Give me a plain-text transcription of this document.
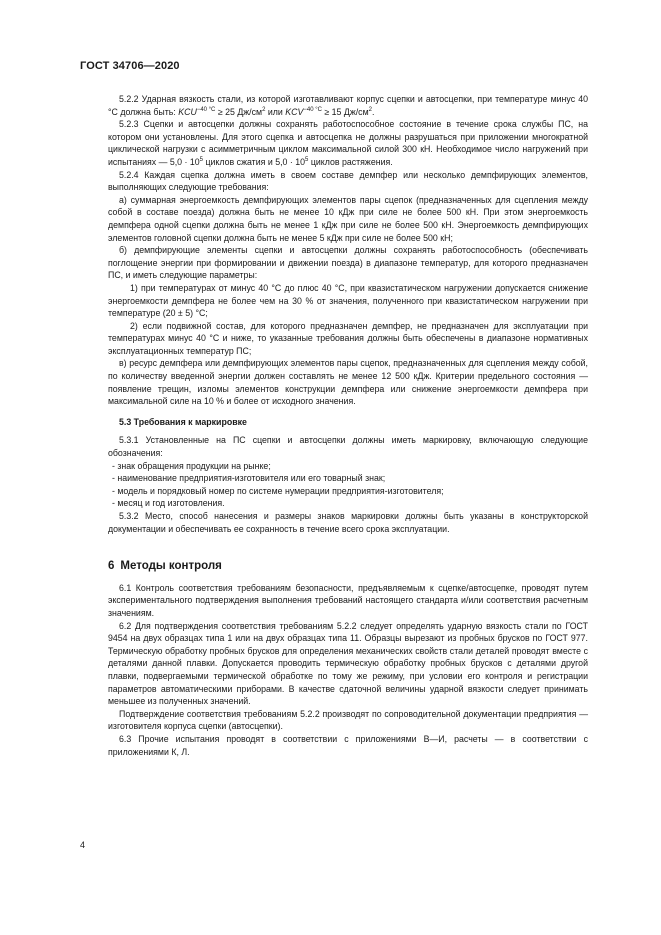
ГОСТ 34706—2020

5.2.2 Ударная вязкость стали, из которой изготавливают корпус сцепки и автосцепки, при температуре минус 40 °С должна быть: $KCU^{-40 ^\circ С} \ge 25$ $Дж/см^2$ или $KCV^{-40 ^\circ С} \ge 15$ $Дж/см^2$.

5.2.3 Сцепки и автосцепки должны сохранять работоспособное состояние в течение срока службы ПС, на котором они установлены. Для этого сцепка и автосцепка не должны разрушаться при приложении многократной циклической нагрузки с асимметричным циклом максимальной силой 300 кН. Необходимое число нагружений при испытаниях — $5,0 \cdot 10^5$ циклов сжатия и $5,0 \cdot 10^5$ циклов растяжения.

5.2.4 Каждая сцепка должна иметь в своем составе демпфер или несколько демпфирующих элементов, выполняющих следующие требования:

а) суммарная энергоемкость демпфирующих элементов пары сцепок (предназначенных для сцепления между собой в составе поезда) должна быть не менее 10 кДж при силе не более 500 кН. При этом энергоемкость демпфера одной сцепки должна быть не менее 1 кДж при силе не более 500 кН. Энергоемкость демпфирующих элементов головной сцепки должна быть не менее 5 кДж при силе не более 500 кН;

б) демпфирующие элементы сцепки и автосцепки должны сохранять работоспособность (обеспечивать поглощение энергии при формировании и движении поезда) в диапазоне температур, для которого предназначен ПС, и иметь следующие параметры:

1) при температурах от минус 40 °С до плюс 40 °С, при квазистатическом нагружении допускается снижение энергоемкости демпфера не более чем на 30 % от значения, полученного при квазистатическом нагружении при температуре (20 ± 5) °С;

2) если подвижной состав, для которого предназначен демпфер, не предназначен для эксплуатации при температурах минус 40 °С и ниже, то указанные требования должны быть обеспечены в диапазоне нормативных эксплуатационных температур ПС;

в) ресурс демпфера или демпфирующих элементов пары сцепок, предназначенных для сцепления между собой, по количеству введенной энергии должен составлять не менее 12 500 кДж. Критерии предельного состояния — появление трещин, изломы элементов конструкции демпфера или снижение энергоемкости демпфера при максимальной силе на 10 % и более от исходного значения.

5.3 Требования к маркировке

5.3.1 Установленные на ПС сцепки и автосцепки должны иметь маркировку, включающую следующие обозначения:

- знак обращения продукции на рынке;

- наименование предприятия-изготовителя или его товарный знак;

- модель и порядковый номер по системе нумерации предприятия-изготовителя;

- месяц и год изготовления.

5.3.2 Место, способ нанесения и размеры знаков маркировки должны быть указаны в конструкторской документации и обеспечивать ее сохранность в течение всего срока эксплуатации.

6 Методы контроля

6.1 Контроль соответствия требованиям безопасности, предъявляемым к сцепке/автосцепке, проводят путем экспериментального подтверждения выполнения требований настоящего стандарта и/или соответствия расчетным значениям.

6.2 Для подтверждения соответствия требованиям 5.2.2 следует определять ударную вязкость стали по ГОСТ 9454 на двух образцах типа 1 или на двух образцах типа 11. Образцы вырезают из пробных брусков по ГОСТ 977. Термическую обработку пробных брусков для определения механических свойств стали деталей проводят вместе с деталями данной плавки. Допускается проводить термическую обработку пробных брусков с деталями другой плавки, подвергаемыми термической обработке по тому же режиму, при условии его контроля и регистрации параметров автоматическими приборами. В качестве сдаточной величины ударной вязкости следует принимать меньшее из полученных значений.

Подтверждение соответствия требованиям 5.2.2 производят по сопроводительной документации предприятия — изготовителя корпуса сцепки (автосцепки).

6.3 Прочие испытания проводят в соответствии с приложениями В—И, расчеты — в соответствии с приложениями К, Л.

4
